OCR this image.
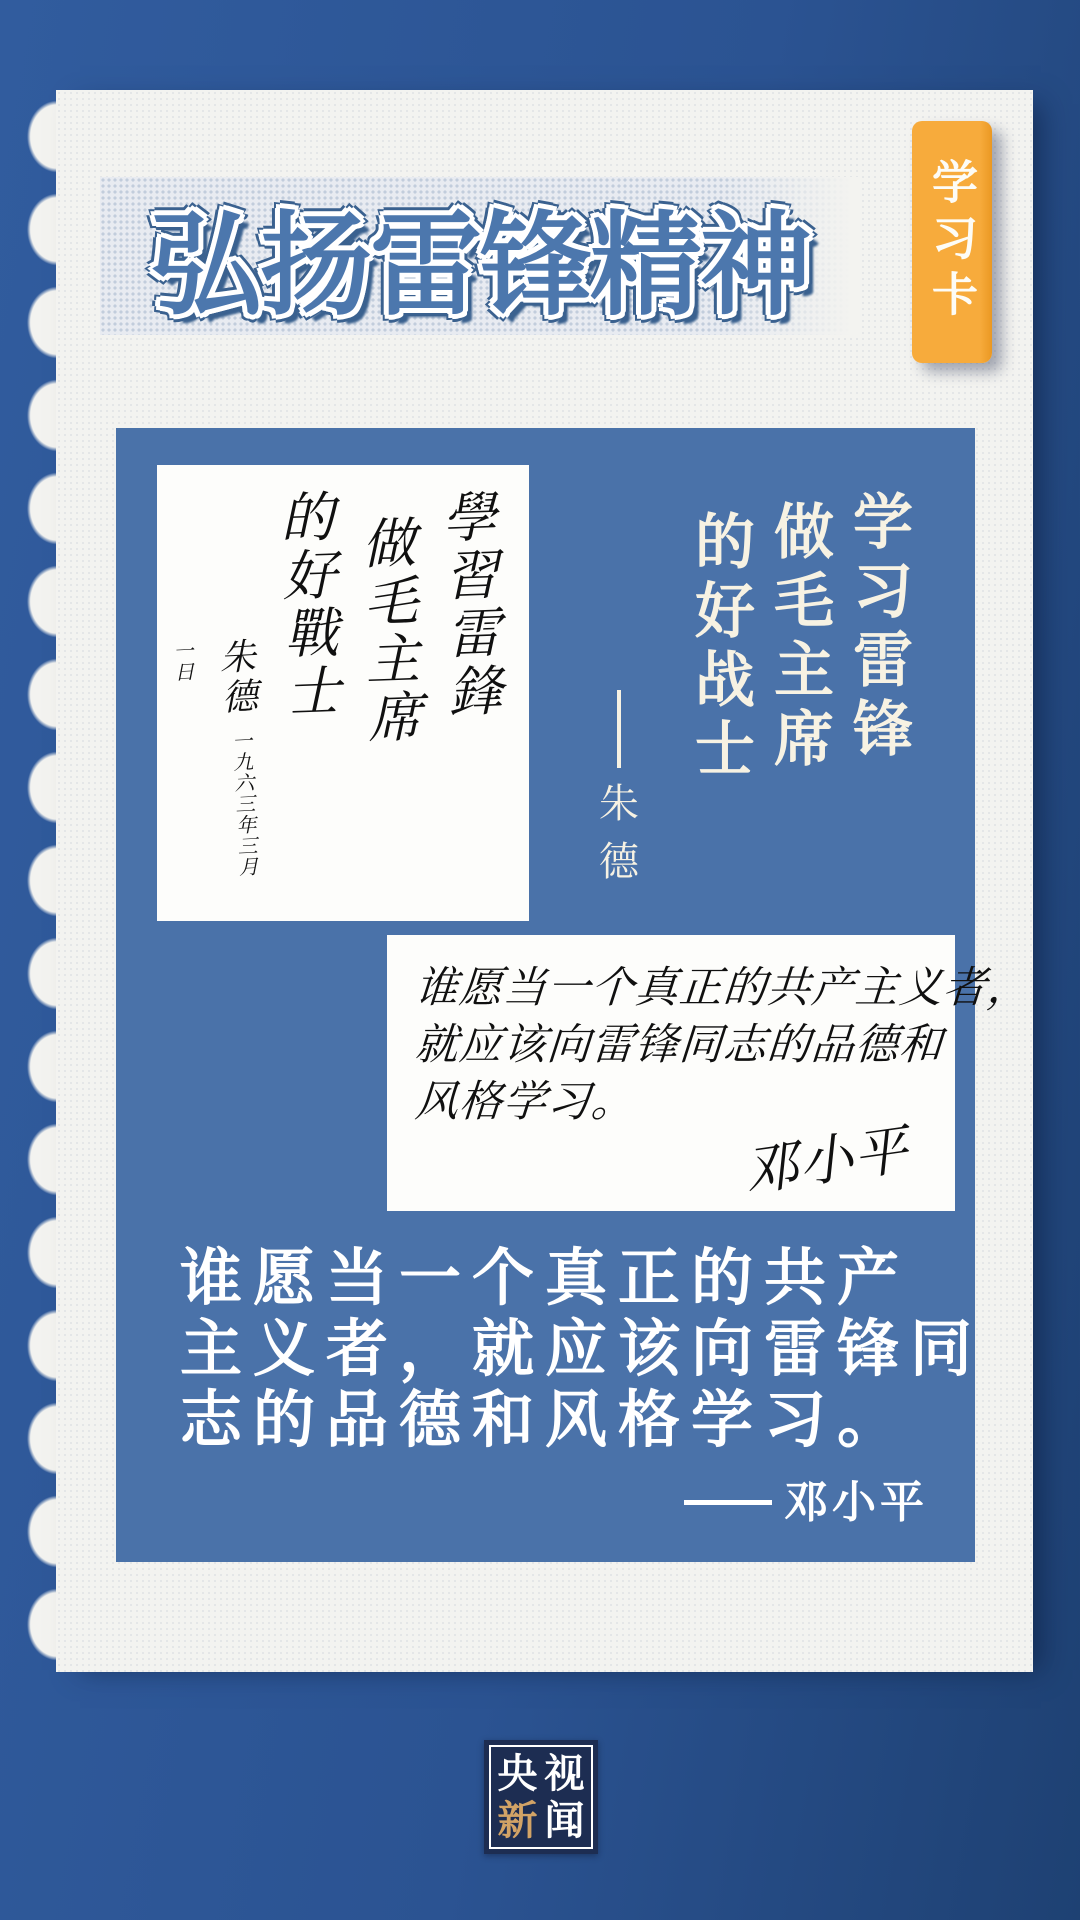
弘扬雷锋精神	学习卡
學習雷鋒
做毛主席
的好戰士
朱德 一九六三年三月一日	学习雷锋
做毛主席
的好战士
朱
德
谁愿当一个真正的共产主义者，
就应该向雷锋同志的品德和
风格学习。
邓小平
谁愿当一个真正的共产
主义者，就应该向雷锋同
志的品德和风格学习。
邓小平
央 视
新 闻
